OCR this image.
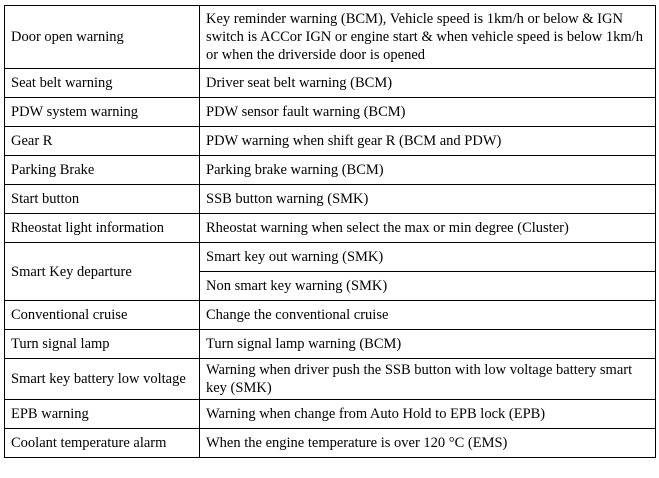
Door open warning	Key reminder warning (BCM), Vehicle speed is 1km/h or below & IGN switch is ACCor IGN or engine start & when vehicle speed is below 1km/h or when the driverside door is opened
Seat belt warning	Driver seat belt warning (BCM)
PDW system warning	PDW sensor fault warning (BCM)
Gear R	PDW warning when shift gear R (BCM and PDW)
Parking Brake	Parking brake warning (BCM)
Start button	SSB button warning (SMK)
Rheostat light information	Rheostat warning when select the max or min degree (Cluster)
Smart Key departure	Smart key out warning (SMK)
	Non smart key warning (SMK)
Conventional cruise	Change the conventional cruise
Turn signal lamp	Turn signal lamp warning (BCM)
Smart key battery low voltage	Warning when driver push the SSB button with low voltage battery smart key (SMK)
EPB warning	Warning when change from Auto Hold to EPB lock (EPB)
Coolant temperature alarm	When the engine temperature is over 120 °C (EMS)
